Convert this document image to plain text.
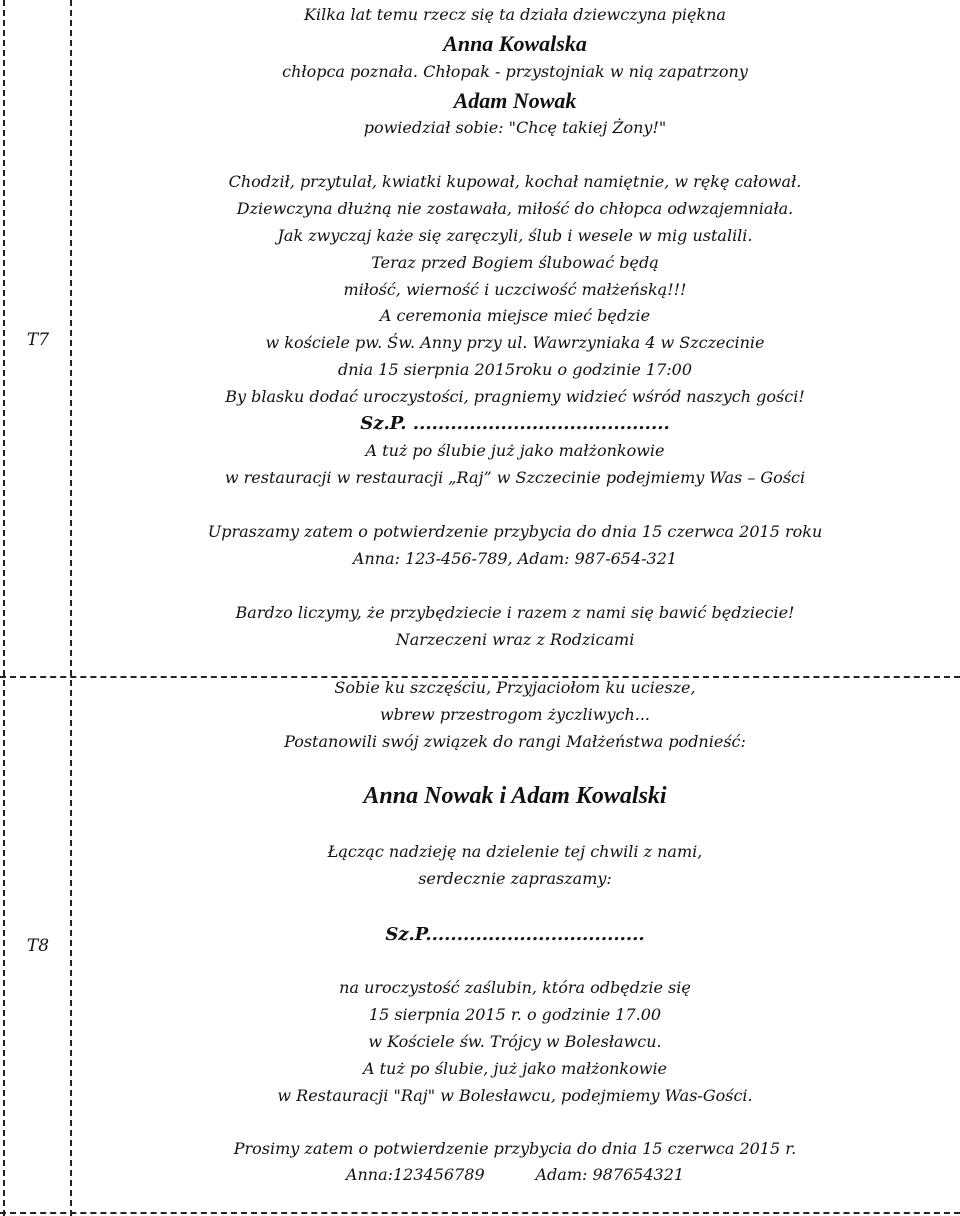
T7
Kilka lat temu rzecz się ta działa dziewczyna piękna
Anna Kowalska
chłopca poznała. Chłopak - przystojniak w nią zapatrzony
Adam Nowak
powiedział sobie: "Chcę takiej Żony!"
Chodził, przytulał, kwiatki kupował, kochał namiętnie, w rękę całował.
Dziewczyna dłużną nie zostawała, miłość do chłopca odwzajemniała.
Jak zwyczaj każe się zaręczyli, ślub i wesele w mig ustalili.
Teraz przed Bogiem ślubować będą
miłość, wierność i uczciwość małżeńską!!!
A ceremonia miejsce mieć będzie
w kościele pw. Św. Anny przy ul. Wawrzyniaka 4 w Szczecinie
dnia 15 sierpnia 2015roku o godzinie 17:00
By blasku dodać uroczystości, pragniemy widzieć wśród naszych gości!
Sz.P. .........................................
A tuż po ślubie już jako małżonkowie
w restauracji w restauracji „Raj” w Szczecinie podejmiemy Was – Gości
Upraszamy zatem o potwierdzenie przybycia do dnia 15 czerwca 2015 roku
Anna: 123-456-789, Adam: 987-654-321
Bardzo liczymy, że przybędziecie i razem z nami się bawić będziecie!
Narzeczeni wraz z Rodzicami
T8
Sobie ku szczęściu, Przyjaciołom ku uciesze,
wbrew przestrogom życzliwych...
Postanowili swój związek do rangi Małżeństwa podnieść:
Anna Nowak i Adam Kowalski
Łącząc nadzieję na dzielenie tej chwili z nami,
serdecznie zapraszamy:
Sz.P...................................
na uroczystość zaślubin, która odbędzie się
15 sierpnia 2015 r. o godzinie 17.00
w Kościele św. Trójcy w Bolesławcu.
A tuż po ślubie, już jako małżonkowie
w Restauracji "Raj" w Bolesławcu, podejmiemy Was-Gości.
Prosimy zatem o potwierdzenie przybycia do dnia 15 czerwca 2015 r.
Anna:123456789          Adam: 987654321
